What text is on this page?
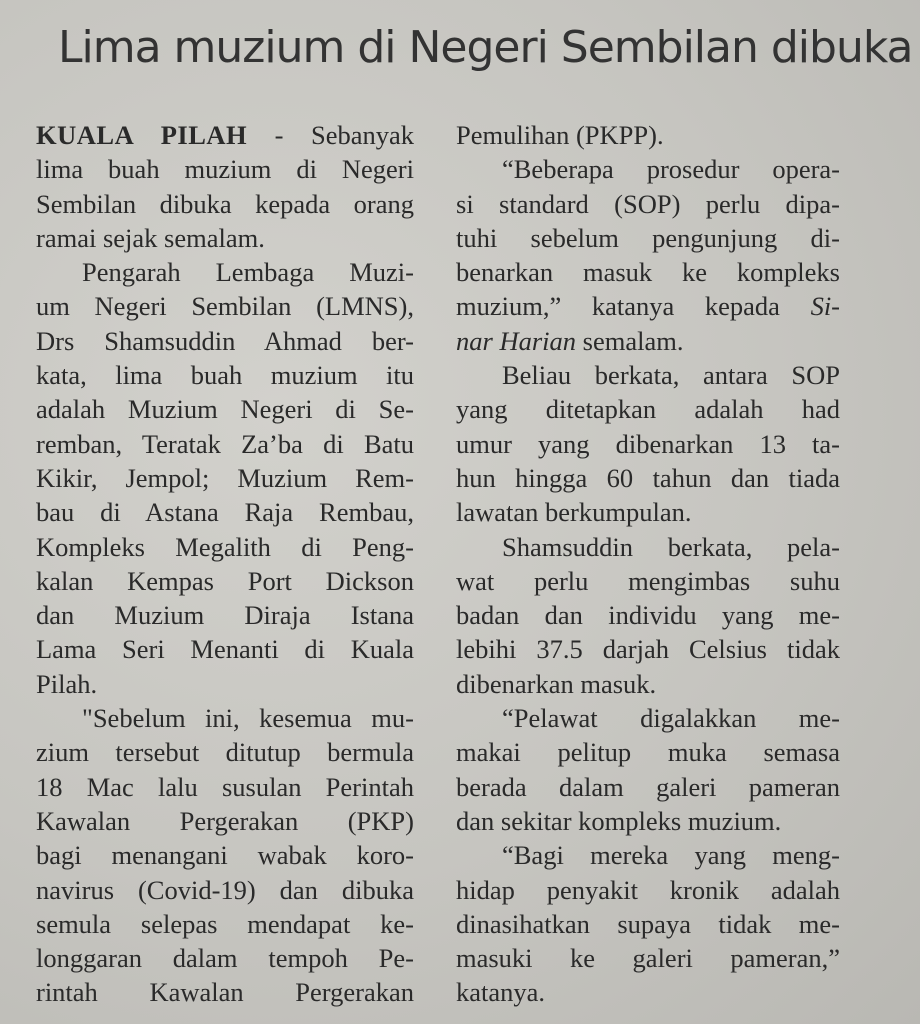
Lima muzium di Negeri Sembilan dibuka
KUALA PILAH - Sebanyak
lima buah muzium di Negeri
Sembilan dibuka kepada orang
ramai sejak semalam.
Pengarah Lembaga Muzi-
um Negeri Sembilan (LMNS),
Drs Shamsuddin Ahmad ber-
kata, lima buah muzium itu
adalah Muzium Negeri di Se-
remban, Teratak Za’ba di Batu
Kikir, Jempol; Muzium Rem-
bau di Astana Raja Rembau,
Kompleks Megalith di Peng-
kalan Kempas Port Dickson
dan Muzium Diraja Istana
Lama Seri Menanti di Kuala
Pilah.
"Sebelum ini, kesemua mu-
zium tersebut ditutup bermula
18 Mac lalu susulan Perintah
Kawalan Pergerakan (PKP)
bagi menangani wabak koro-
navirus (Covid-19) dan dibuka
semula selepas mendapat ke-
longgaran dalam tempoh Pe-
rintah Kawalan Pergerakan
Pemulihan (PKPP).
“Beberapa prosedur opera-
si standard (SOP) perlu dipa-
tuhi sebelum pengunjung di-
benarkan masuk ke kompleks
muzium,” katanya kepada Si-
nar Harian semalam.
Beliau berkata, antara SOP
yang ditetapkan adalah had
umur yang dibenarkan 13 ta-
hun hingga 60 tahun dan tiada
lawatan berkumpulan.
Shamsuddin berkata, pela-
wat perlu mengimbas suhu
badan dan individu yang me-
lebihi 37.5 darjah Celsius tidak
dibenarkan masuk.
“Pelawat digalakkan me-
makai pelitup muka semasa
berada dalam galeri pameran
dan sekitar kompleks muzium.
“Bagi mereka yang meng-
hidap penyakit kronik adalah
dinasihatkan supaya tidak me-
masuki ke galeri pameran,”
katanya.
